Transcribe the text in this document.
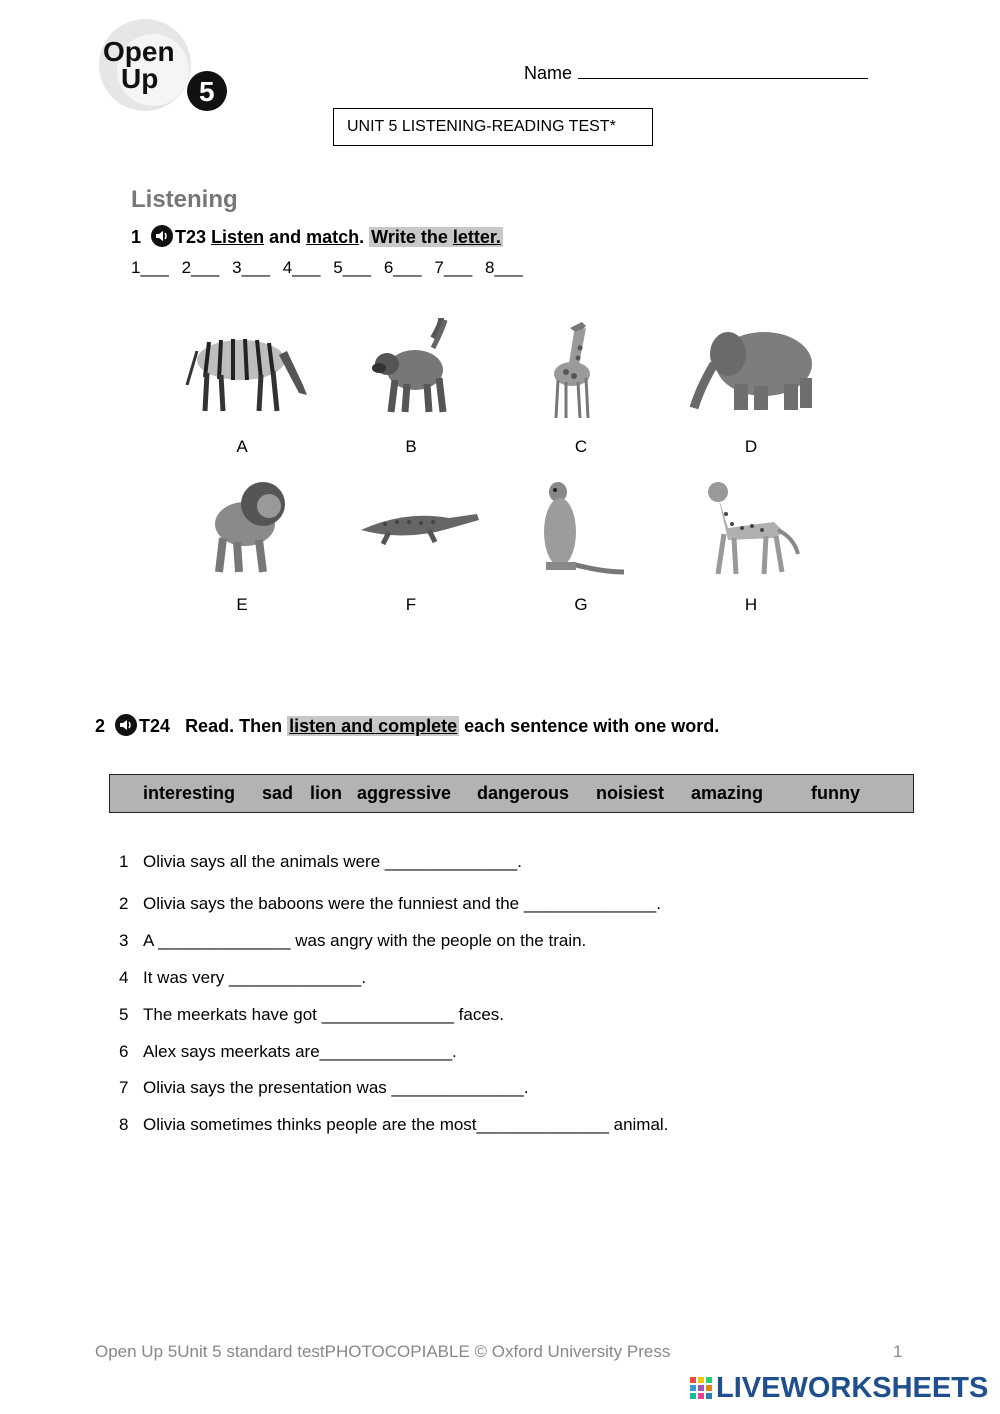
Open
Up 5
Name
UNIT 5 LISTENING-READING TEST*
Listening
1 T23 Listen and match. Write the letter.
1___ 2___ 3___ 4___ 5___ 6___ 7___ 8___
A	B	C	D
E	F	G	H
2 T24 Read. Then listen and complete each sentence with one word.
interesting sad lion aggressive dangerous noisiest amazing	funny
1 Olivia says all the animals were ______________.
2 Olivia says the baboons were the funniest and the ______________.
3 A ______________ was angry with the people on the train.
4 It was very ______________.
5 The meerkats have got ______________ faces.
6 Alex says meerkats are______________.
7 Olivia says the presentation was ______________.
8 Olivia sometimes thinks people are the most______________ animal.
Open Up 5Unit 5 standard testPHOTOCOPIABLE © Oxford University Press	1
LIVEWORKSHEETS
